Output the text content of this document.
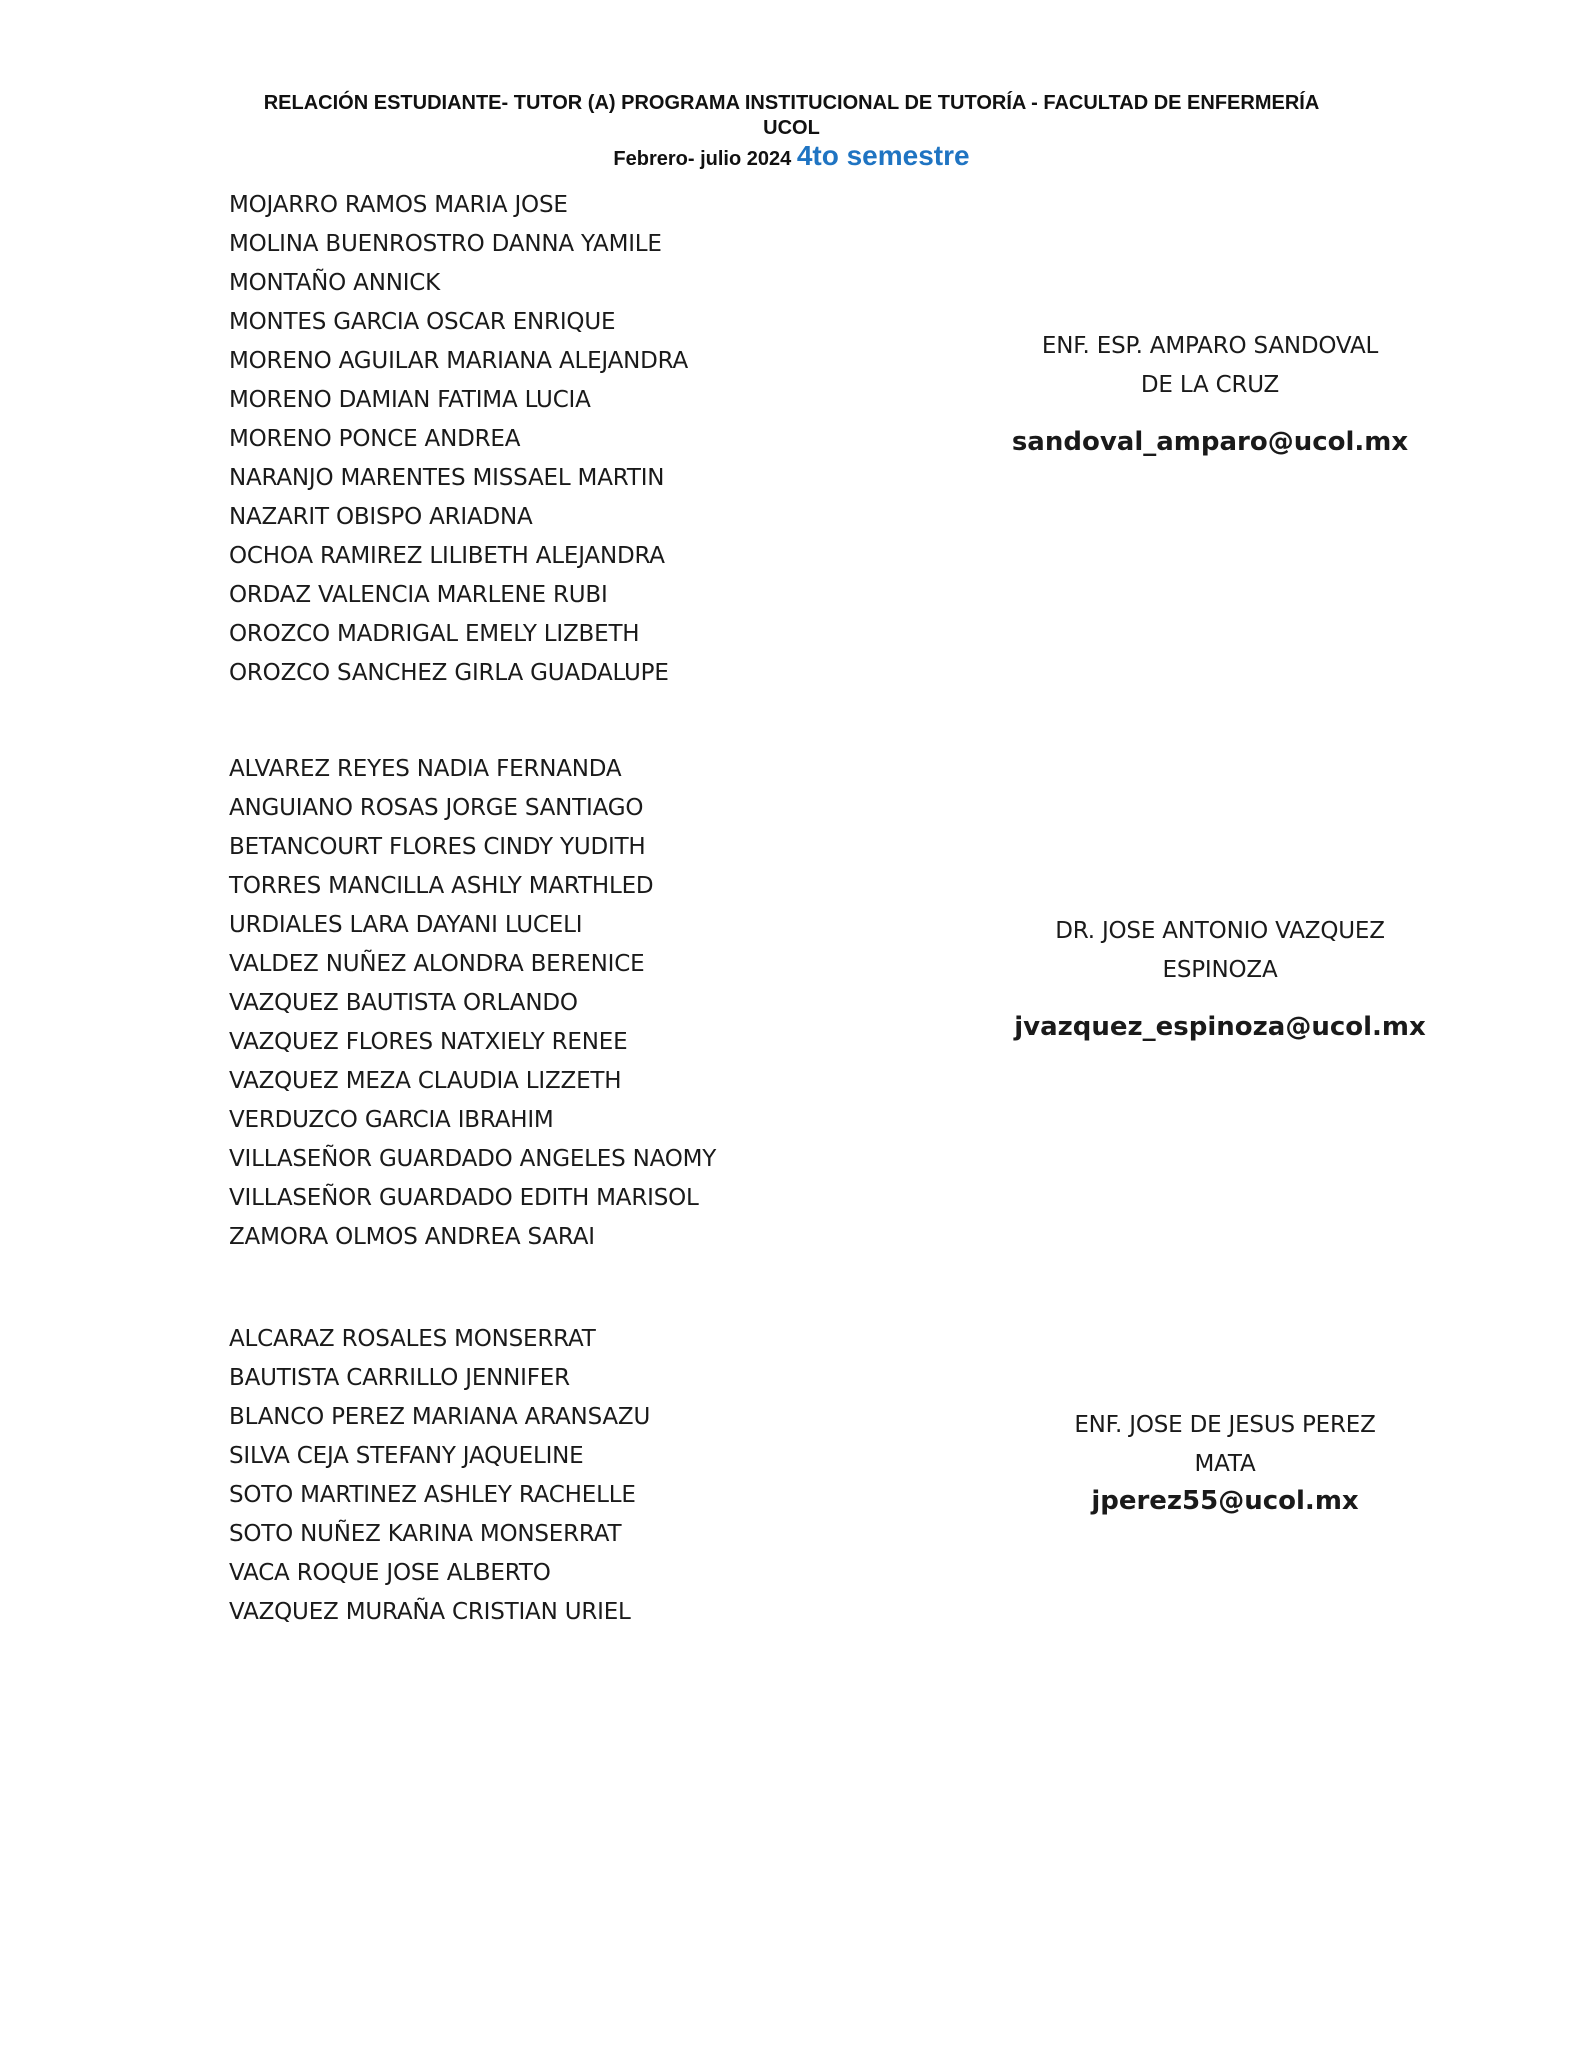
RELACIÓN ESTUDIANTE- TUTOR (A) PROGRAMA INSTITUCIONAL DE TUTORÍA - FACULTAD DE ENFERMERÍA
UCOL
Febrero- julio 2024 4to semestre
MOJARRO RAMOS MARIA JOSE
MOLINA BUENROSTRO DANNA YAMILE
MONTAÑO ANNICK
MONTES GARCIA OSCAR ENRIQUE
MORENO AGUILAR MARIANA ALEJANDRA
MORENO DAMIAN FATIMA LUCIA
MORENO PONCE ANDREA
NARANJO MARENTES MISSAEL MARTIN
NAZARIT OBISPO ARIADNA
OCHOA RAMIREZ LILIBETH ALEJANDRA
ORDAZ VALENCIA MARLENE RUBI
OROZCO MADRIGAL EMELY LIZBETH
OROZCO SANCHEZ GIRLA GUADALUPE
ENF. ESP. AMPARO SANDOVAL
DE LA CRUZ
sandoval_amparo@ucol.mx
ALVAREZ REYES NADIA FERNANDA
ANGUIANO ROSAS JORGE SANTIAGO
BETANCOURT FLORES CINDY YUDITH
TORRES MANCILLA ASHLY MARTHLED
URDIALES LARA DAYANI LUCELI
VALDEZ NUÑEZ ALONDRA BERENICE
VAZQUEZ BAUTISTA ORLANDO
VAZQUEZ FLORES NATXIELY RENEE
VAZQUEZ MEZA CLAUDIA LIZZETH
VERDUZCO GARCIA IBRAHIM
VILLASEÑOR GUARDADO ANGELES NAOMY
VILLASEÑOR GUARDADO EDITH MARISOL
ZAMORA OLMOS ANDREA SARAI
DR. JOSE ANTONIO VAZQUEZ
ESPINOZA
jvazquez_espinoza@ucol.mx
ALCARAZ ROSALES MONSERRAT
BAUTISTA CARRILLO JENNIFER
BLANCO PEREZ MARIANA ARANSAZU
SILVA CEJA STEFANY JAQUELINE
SOTO MARTINEZ ASHLEY RACHELLE
SOTO NUÑEZ KARINA MONSERRAT
VACA ROQUE JOSE ALBERTO
VAZQUEZ MURAÑA CRISTIAN URIEL
ENF. JOSE DE JESUS PEREZ
MATA
jperez55@ucol.mx
